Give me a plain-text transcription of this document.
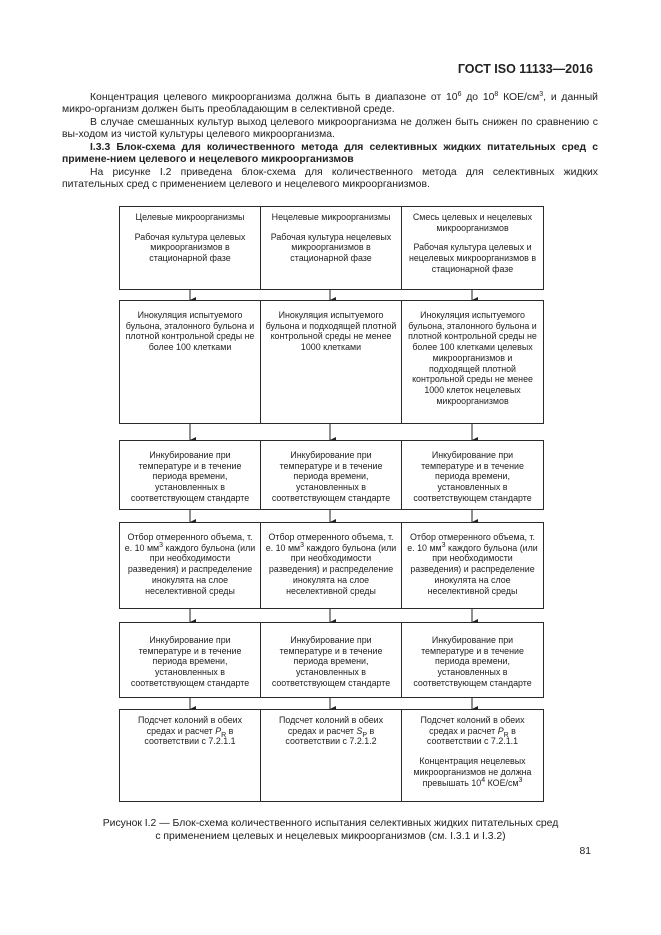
ГОСТ ISO 11133—2016
Концентрация целевого микроорганизма должна быть в диапазоне от $10^6$ до $10^8$ КОЕ/$см^3$, и данный микро-организм должен быть преобладающим в селективной среде.
В случае смешанных культур выход целевого микроорганизма не должен быть снижен по сравнению с вы-ходом из чистой культуры целевого микроорганизма.
I.3.3 Блок-схема для количественного метода для селективных жидких питательных сред с примене-нием целевого и нецелевого микроорганизмов
На рисунке I.2 приведена блок-схема для количественного метода для селективных жидких питательных сред с применением целевого и нецелевого микроорганизмов.
Целевые микроорганизмы
Рабочая культура целевых микроорганизмов в стационарной фазе
Нецелевые микроорганизмы
Рабочая культура нецелевых микроорганизмов в стационарной фазе
Смесь целевых и нецелевых микроорганизмов
Рабочая культура целевых и нецелевых микроорганизмов в стационарной фазе
Инокуляция испытуемого бульона, эталонного бульона и плотной контрольной среды не более 100 клетками
Инокуляция испытуемого бульона и подходящей плотной контрольной среды не менее 1000 клетками
Инокуляция испытуемого бульона, эталонного бульона и плотной контрольной среды не более 100 клетками целевых микроорганизмов и подходящей плотной контрольной среды не менее 1000 клеток нецелевых микроорганизмов
Инкубирование при температуре и в течение периода времени, установленных в соответствующем стандарте
Инкубирование при температуре и в течение периода времени, установленных в соответствующем стандарте
Инкубирование при температуре и в течение периода времени, установленных в соответствующем стандарте
Отбор отмеренного объема, т. е. 10 $мм^3$ каждого бульона (или при необходимости разведения) и распределение инокулята на слое неселективной среды
Отбор отмеренного объема, т. е. 10 $мм^3$ каждого бульона (или при необходимости разведения) и распределение инокулята на слое неселективной среды
Отбор отмеренного объема, т. е. 10 $мм^3$ каждого бульона (или при необходимости разведения) и распределение инокулята на слое неселективной среды
Инкубирование при температуре и в течение периода времени, установленных в соответствующем стандарте
Инкубирование при температуре и в течение периода времени, установленных в соответствующем стандарте
Инкубирование при температуре и в течение периода времени, установленных в соответствующем стандарте
Подсчет колоний в обеих средах и расчет $P_R$ в соответствии с 7.2.1.1
Подсчет колоний в обеих средах и расчет $S_P$ в соответствии с 7.2.1.2
Подсчет колоний в обеих средах и расчет $P_R$ в соответствии с 7.2.1.1
Концентрация нецелевых микроорганизмов не должна превышать $10^4$ КОЕ/$см^3$
Рисунок I.2 — Блок-схема количественного испытания селективных жидких питательных сред
с применением целевых и нецелевых микроорганизмов (см. I.3.1 и I.3.2)
81
